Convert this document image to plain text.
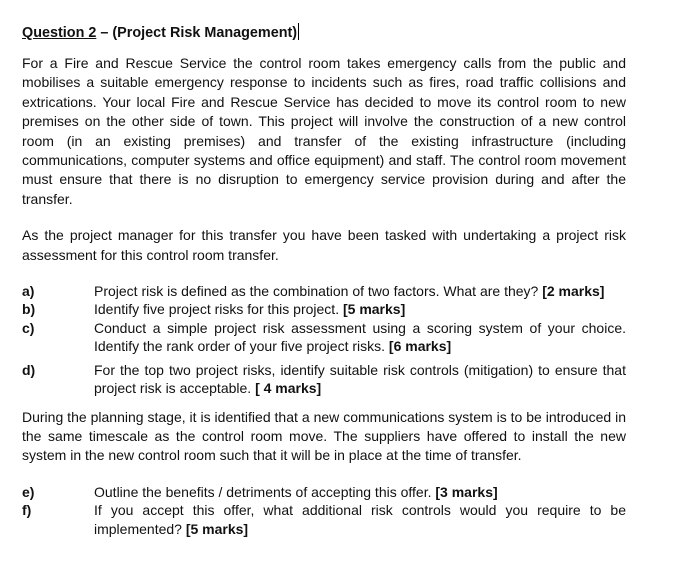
Question 2 – (Project Risk Management)

For a Fire and Rescue Service the control room takes emergency calls from the public and mobilises a suitable emergency response to incidents such as fires, road traffic collisions and extrications. Your local Fire and Rescue Service has decided to move its control room to new premises on the other side of town. This project will involve the construction of a new control room (in an existing premises) and transfer of the existing infrastructure (including communications, computer systems and office equipment) and staff. The control room movement must ensure that there is no disruption to emergency service provision during and after the transfer.

As the project manager for this transfer you have been tasked with undertaking a project risk assessment for this control room transfer.

a)	Project risk is defined as the combination of two factors. What are they? [2 marks]
b)	Identify five project risks for this project. [5 marks]
c)	Conduct a simple project risk assessment using a scoring system of your choice. Identify the rank order of your five project risks. [6 marks]
d)	For the top two project risks, identify suitable risk controls (mitigation) to ensure that project risk is acceptable. [ 4 marks]

During the planning stage, it is identified that a new communications system is to be introduced in the same timescale as the control room move. The suppliers have offered to install the new system in the new control room such that it will be in place at the time of transfer.

e)	Outline the benefits / detriments of accepting this offer. [3 marks]
f)	If you accept this offer, what additional risk controls would you require to be implemented? [5 marks]
